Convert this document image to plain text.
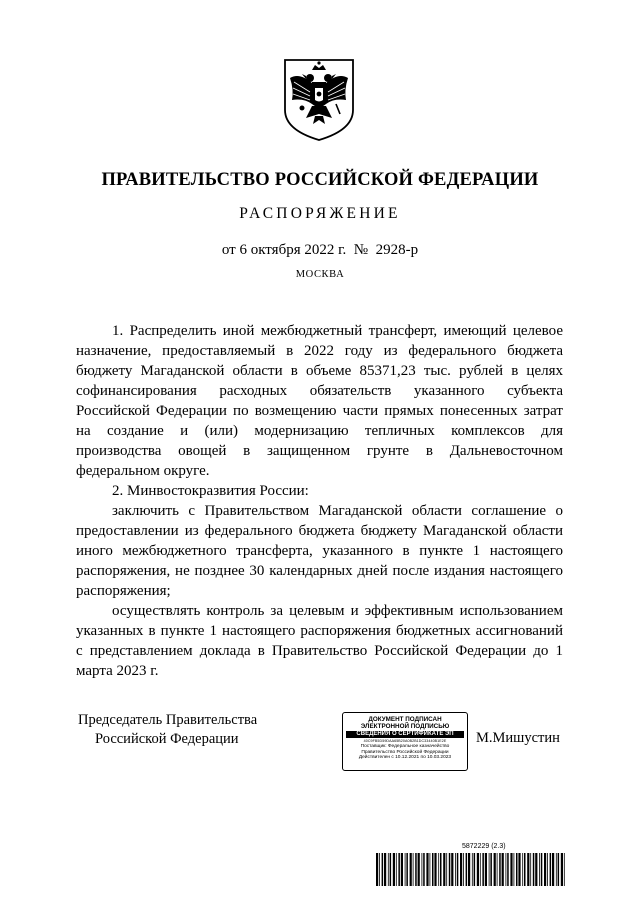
ПРАВИТЕЛЬСТВО РОССИЙСКОЙ ФЕДЕРАЦИИ
РАСПОРЯЖЕНИЕ
от 6 октября 2022 г.  №  2928-р
МОСКВА

1. Распределить иной межбюджетный трансферт, имеющий целевое назначение, предоставляемый в 2022 году из федерального бюджета бюджету Магаданской области в объеме 85371,23 тыс. рублей в целях софинансирования расходных обязательств указанного субъекта Российской Федерации по возмещению части прямых понесенных затрат на создание и (или) модернизацию тепличных комплексов для производства овощей в защищенном грунте в Дальневосточном федеральном округе.

2. Минвостокразвития России:

заключить с Правительством Магаданской области соглашение о предоставлении из федерального бюджета бюджету Магаданской области иного межбюджетного трансферта, указанного в пункте 1 настоящего распоряжения, не позднее 30 календарных дней после издания настоящего распоряжения;

осуществлять контроль за целевым и эффективным использованием указанных в пункте 1 настоящего распоряжения бюджетных ассигнований с представлением доклада в Правительство Российской Федерации до 1 марта 2023 г.

Председатель Правительства
Российской Федерации
ДОКУМЕНТ ПОДПИСАН
ЭЛЕКТРОННОЙ ПОДПИСЬЮ
СВЕДЕНИЯ О СЕРТИФИКАТЕ ЭП
40C9FB5D59DAA65B20A0B2B1DC33440B1E2E
Поставщик: Федеральное казначейство
Правительство Российской Федерации
Действителен с 10.12.2021 по 10.03.2023
М.Мишустин
5872229 (2.3)
